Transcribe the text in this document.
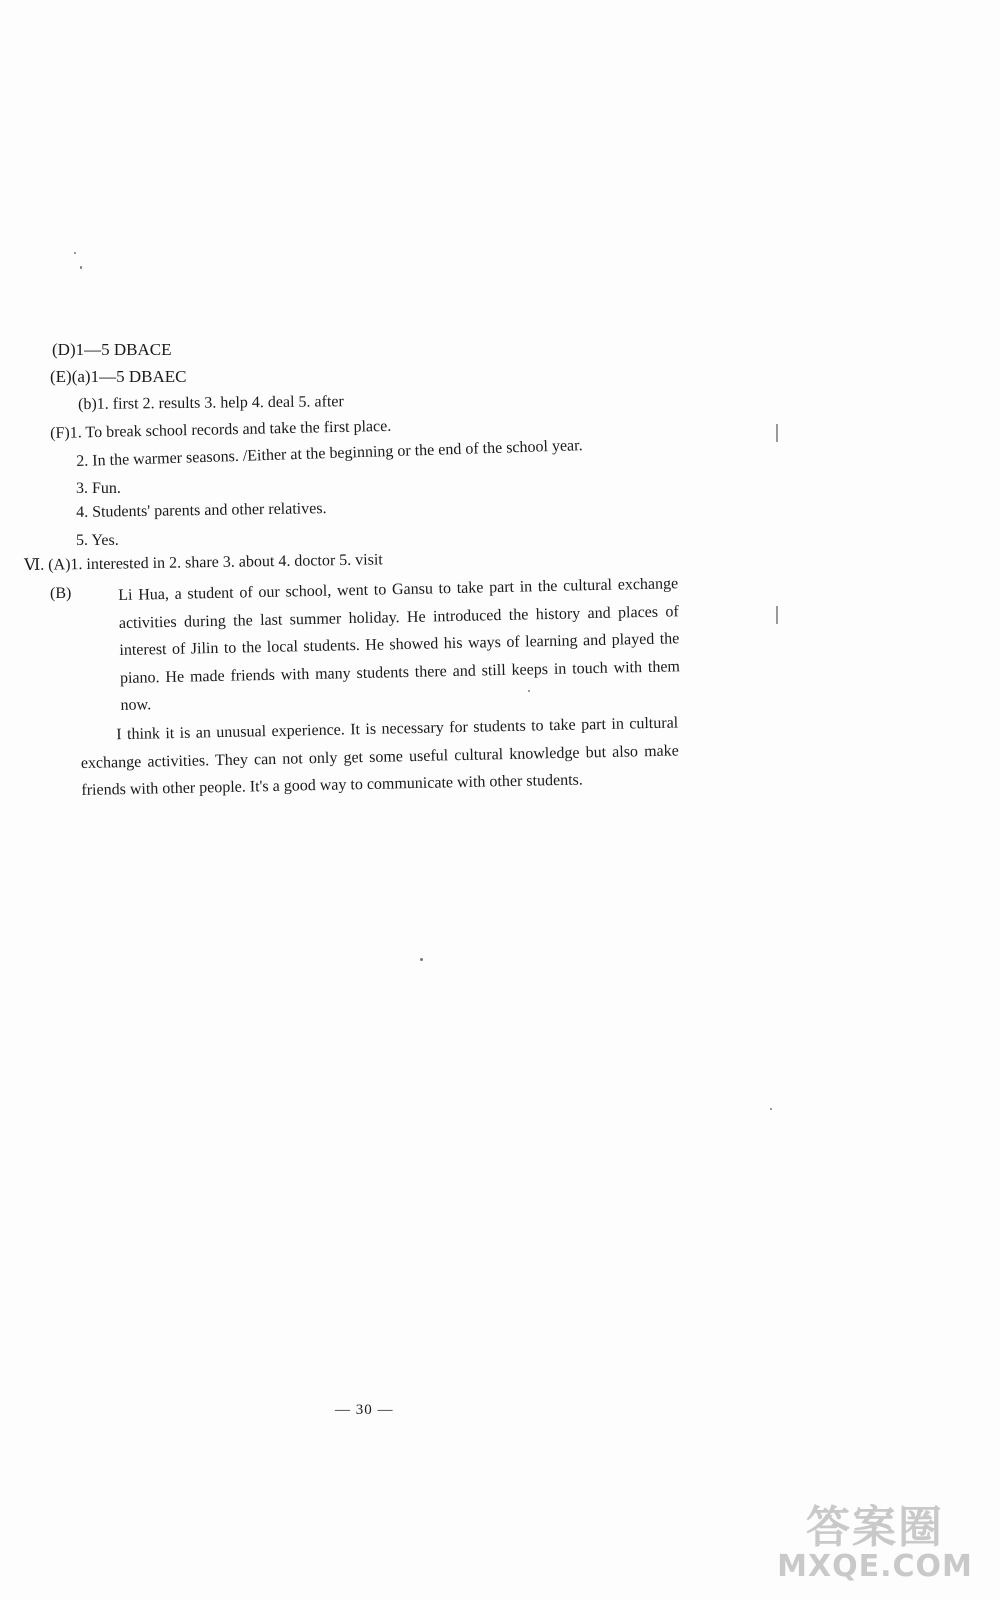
(D)1—5 DBACE
(E)(a)1—5 DBAEC
(b)1. first 2. results 3. help 4. deal 5. after
(F)1. To break school records and take the first place.
2. In the warmer seasons. /Either at the beginning or the end of the school year.
3. Fun.
4. Students' parents and other relatives.
5. Yes.
Ⅵ. (A)1. interested in 2. share 3. about 4. doctor 5. visit
(B)	Li Hua, a student of our school, went to Gansu to take part in the cultural exchange activities during the last summer holiday. He introduced the history and places of interest of Jilin to the local students. He showed his ways of learning and played the piano. He made friends with many students there and still keeps in touch with them now.

I think it is an unusual experience. It is necessary for students to take part in cultural exchange activities. They can not only get some useful cultural knowledge but also make friends with other people. It's a good way to communicate with other students.

— 30 —
答案圈
MXQE.COM
